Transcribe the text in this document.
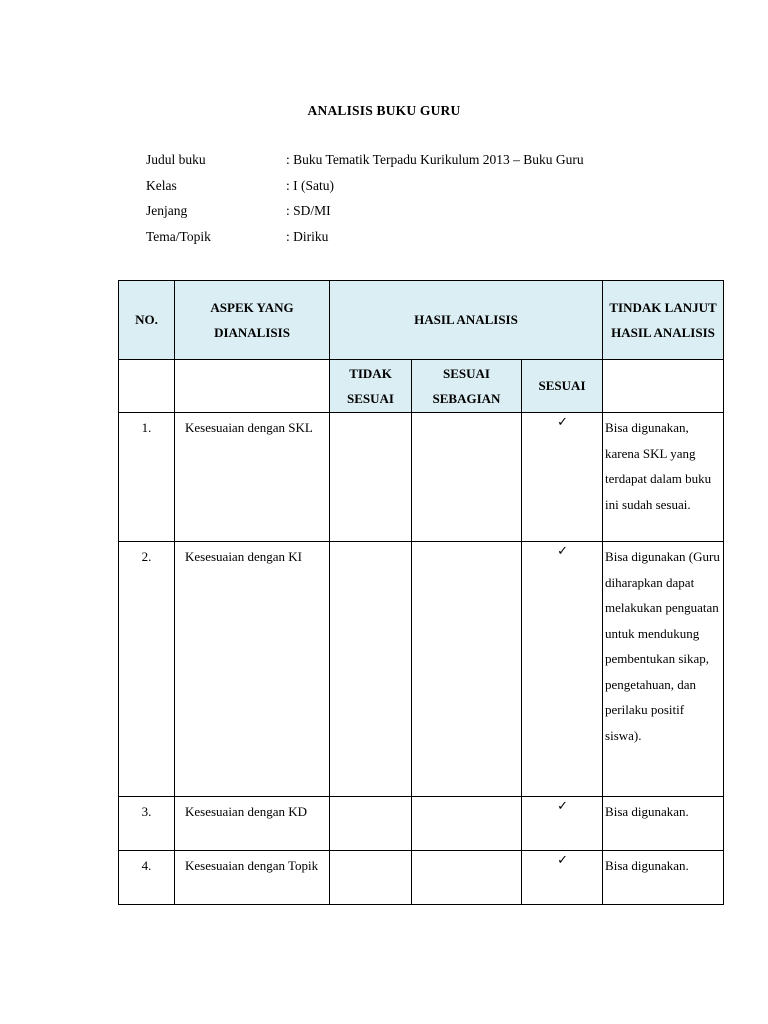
ANALISIS BUKU GURU
Judul buku	: Buku Tematik Terpadu Kurikulum 2013 – Buku Guru
Kelas	: I (Satu)
Jenjang	: SD/MI
Tema/Topik	: Diriku
NO.	ASPEK YANG DIANALISIS	HASIL ANALISIS			TINDAK LANJUT HASIL ANALISIS
		TIDAK SESUAI	SESUAI SEBAGIAN	SESUAI	
1.	Kesesuaian dengan SKL			✓	Bisa digunakan, karena SKL yang terdapat dalam buku ini sudah sesuai.
2.	Kesesuaian dengan KI			✓	Bisa digunakan (Guru diharapkan dapat melakukan penguatan untuk mendukung pembentukan sikap, pengetahuan, dan perilaku positif siswa).
3.	Kesesuaian dengan KD			✓	Bisa digunakan.
4.	Kesesuaian dengan Topik			✓	Bisa digunakan.
